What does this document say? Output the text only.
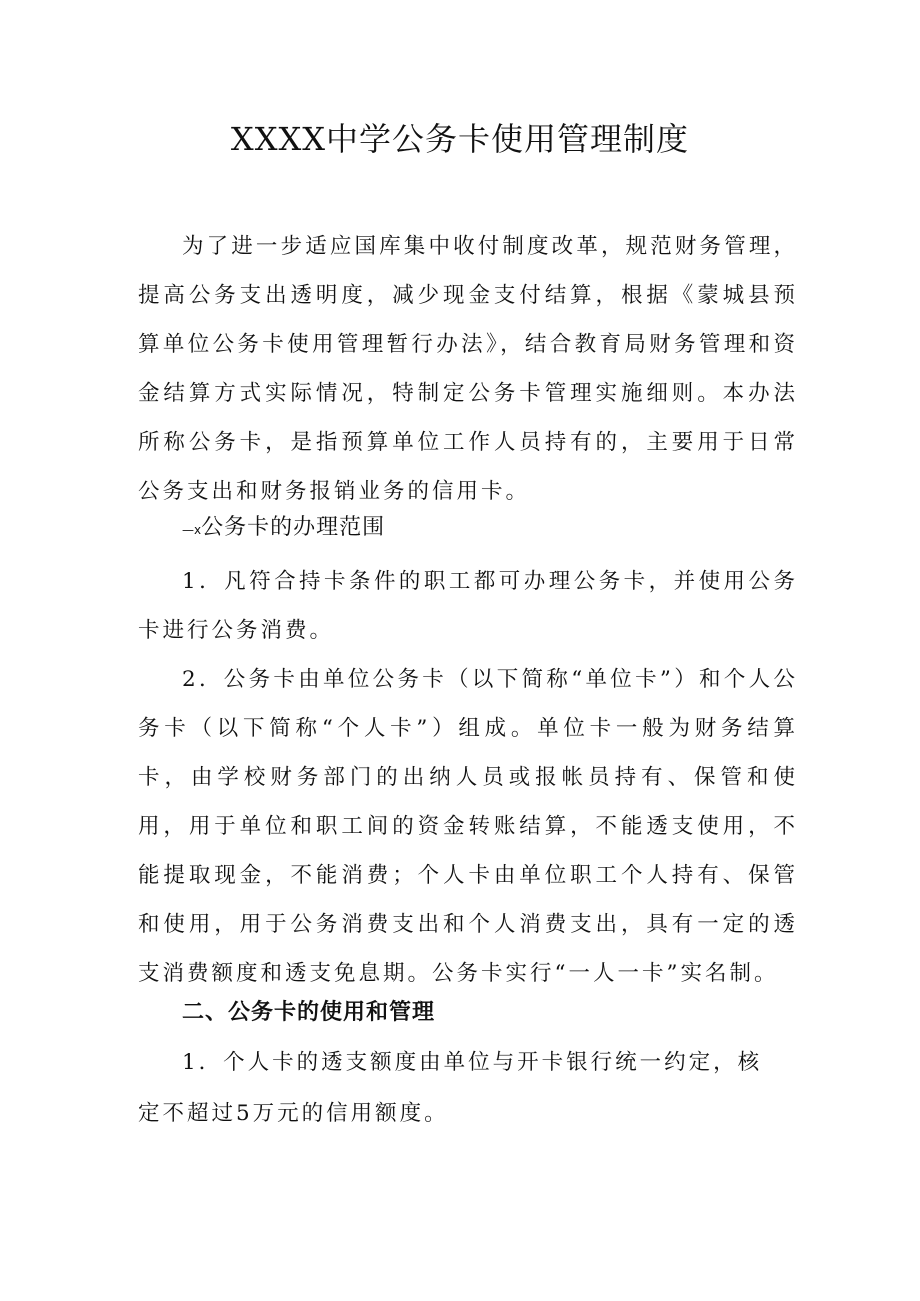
XXXX中学公务卡使用管理制度

为了进一步适应国库集中收付制度改革，规范财务管理，提高公务支出透明度，减少现金支付结算，根据《蒙城县预算单位公务卡使用管理暂行办法》，结合教育局财务管理和资金结算方式实际情况，特制定公务卡管理实施细则。本办法所称公务卡，是指预算单位工作人员持有的，主要用于日常公务支出和财务报销业务的信用卡。

—x公务卡的办理范围

1．凡符合持卡条件的职工都可办理公务卡，并使用公务卡进行公务消费。

2．公务卡由单位公务卡（以下简称“单位卡”）和个人公务卡（以下简称“个人卡”）组成。单位卡一般为财务结算卡，由学校财务部门的出纳人员或报帐员持有、保管和使用，用于单位和职工间的资金转账结算，不能透支使用，不能提取现金，不能消费；个人卡由单位职工个人持有、保管和使用，用于公务消费支出和个人消费支出，具有一定的透支消费额度和透支免息期。公务卡实行“一人一卡”实名制。

二、公务卡的使用和管理

1．个人卡的透支额度由单位与开卡银行统一约定，核

定不超过5万元的信用额度。
